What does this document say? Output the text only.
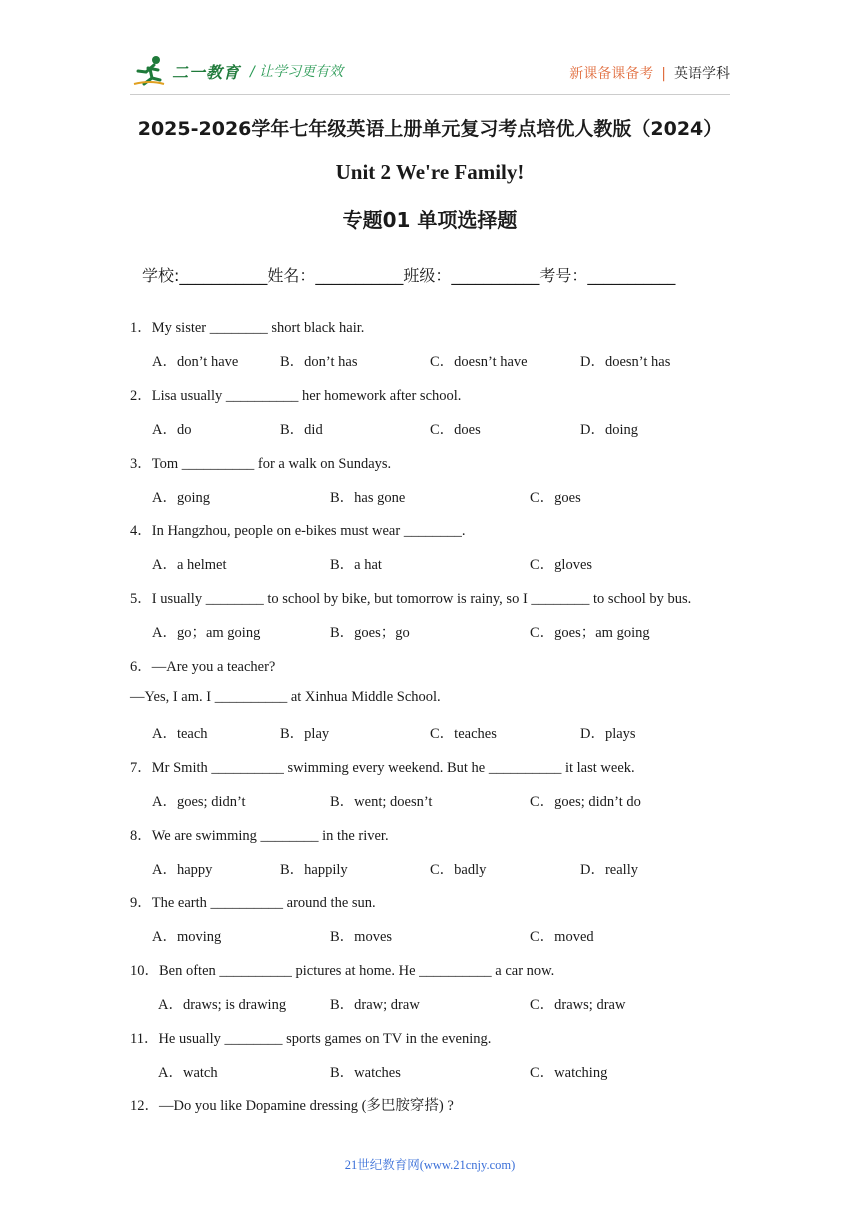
二一教育 / 让学习更有效	新课备课备考 | 英语学科
2025-2026学年七年级英语上册单元复习考点培优人教版（2024）
Unit 2 We're Family!
专题01 单项选择题
学校:___________姓名：___________班级：___________考号：___________
1．My sister ________ short black hair.
A．don’t have	B．don’t has	C．doesn’t have	D．doesn’t has
2．Lisa usually __________ her homework after school.
A．do	B．did	C．does	D．doing
3．Tom __________ for a walk on Sundays.
A．going	B．has gone	C．goes
4．In Hangzhou, people on e-bikes must wear ________.
A．a helmet	B．a hat	C．gloves
5．I usually ________ to school by bike, but tomorrow is rainy, so I ________ to school by bus.
A．go；am going	B．goes；go	C．goes；am going
6．—Are you a teacher?
—Yes, I am. I __________ at Xinhua Middle School.
A．teach	B．play	C．teaches	D．plays
7．Mr Smith __________ swimming every weekend. But he __________ it last week.
A．goes; didn’t	B．went; doesn’t	C．goes; didn’t do
8．We are swimming ________ in the river.
A．happy	B．happily	C．badly	D．really
9．The earth __________ around the sun.
A．moving	B．moves	C．moved
10．Ben often __________ pictures at home. He __________ a car now.
A．draws; is drawing	B．draw; draw	C．draws; draw
11．He usually ________ sports games on TV in the evening.
A．watch	B．watches	C．watching
12．—Do you like Dopamine dressing (多巴胺穿搭) ?
21世纪教育网(www.21cnjy.com)
